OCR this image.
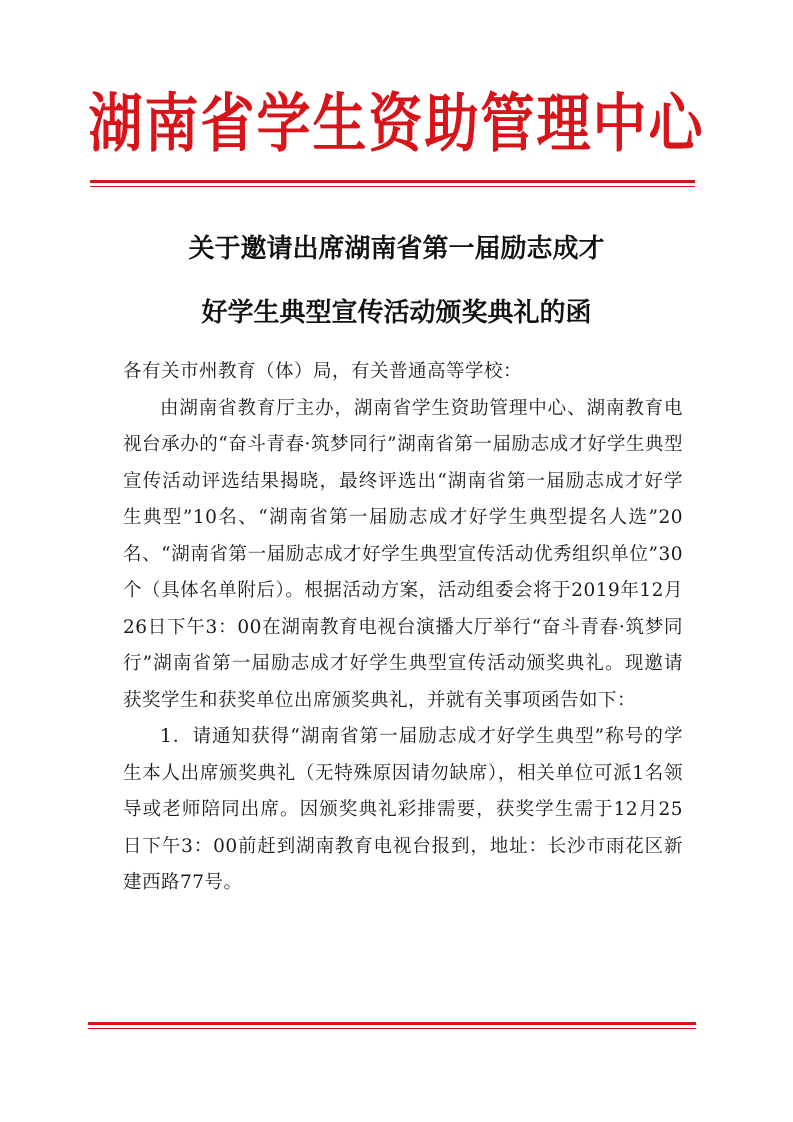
湖南省学生资助管理中心
关于邀请出席湖南省第一届励志成才
好学生典型宣传活动颁奖典礼的函

各有关市州教育（体）局，有关普通高等学校：

由湖南省教育厅主办，湖南省学生资助管理中心、湖南教育电视台承办的“奋斗青春·筑梦同行”湖南省第一届励志成才好学生典型宣传活动评选结果揭晓，最终评选出“湖南省第一届励志成才好学生典型”10名、“湖南省第一届励志成才好学生典型提名人选”20名、“湖南省第一届励志成才好学生典型宣传活动优秀组织单位”30个（具体名单附后）。根据活动方案，活动组委会将于2019年12月26日下午3：00在湖南教育电视台演播大厅举行“奋斗青春·筑梦同行”湖南省第一届励志成才好学生典型宣传活动颁奖典礼。现邀请获奖学生和获奖单位出席颁奖典礼，并就有关事项函告如下：

1．请通知获得“湖南省第一届励志成才好学生典型”称号的学生本人出席颁奖典礼（无特殊原因请勿缺席），相关单位可派1名领导或老师陪同出席。因颁奖典礼彩排需要，获奖学生需于12月25日下午3：00前赶到湖南教育电视台报到，地址：长沙市雨花区新建西路77号。
